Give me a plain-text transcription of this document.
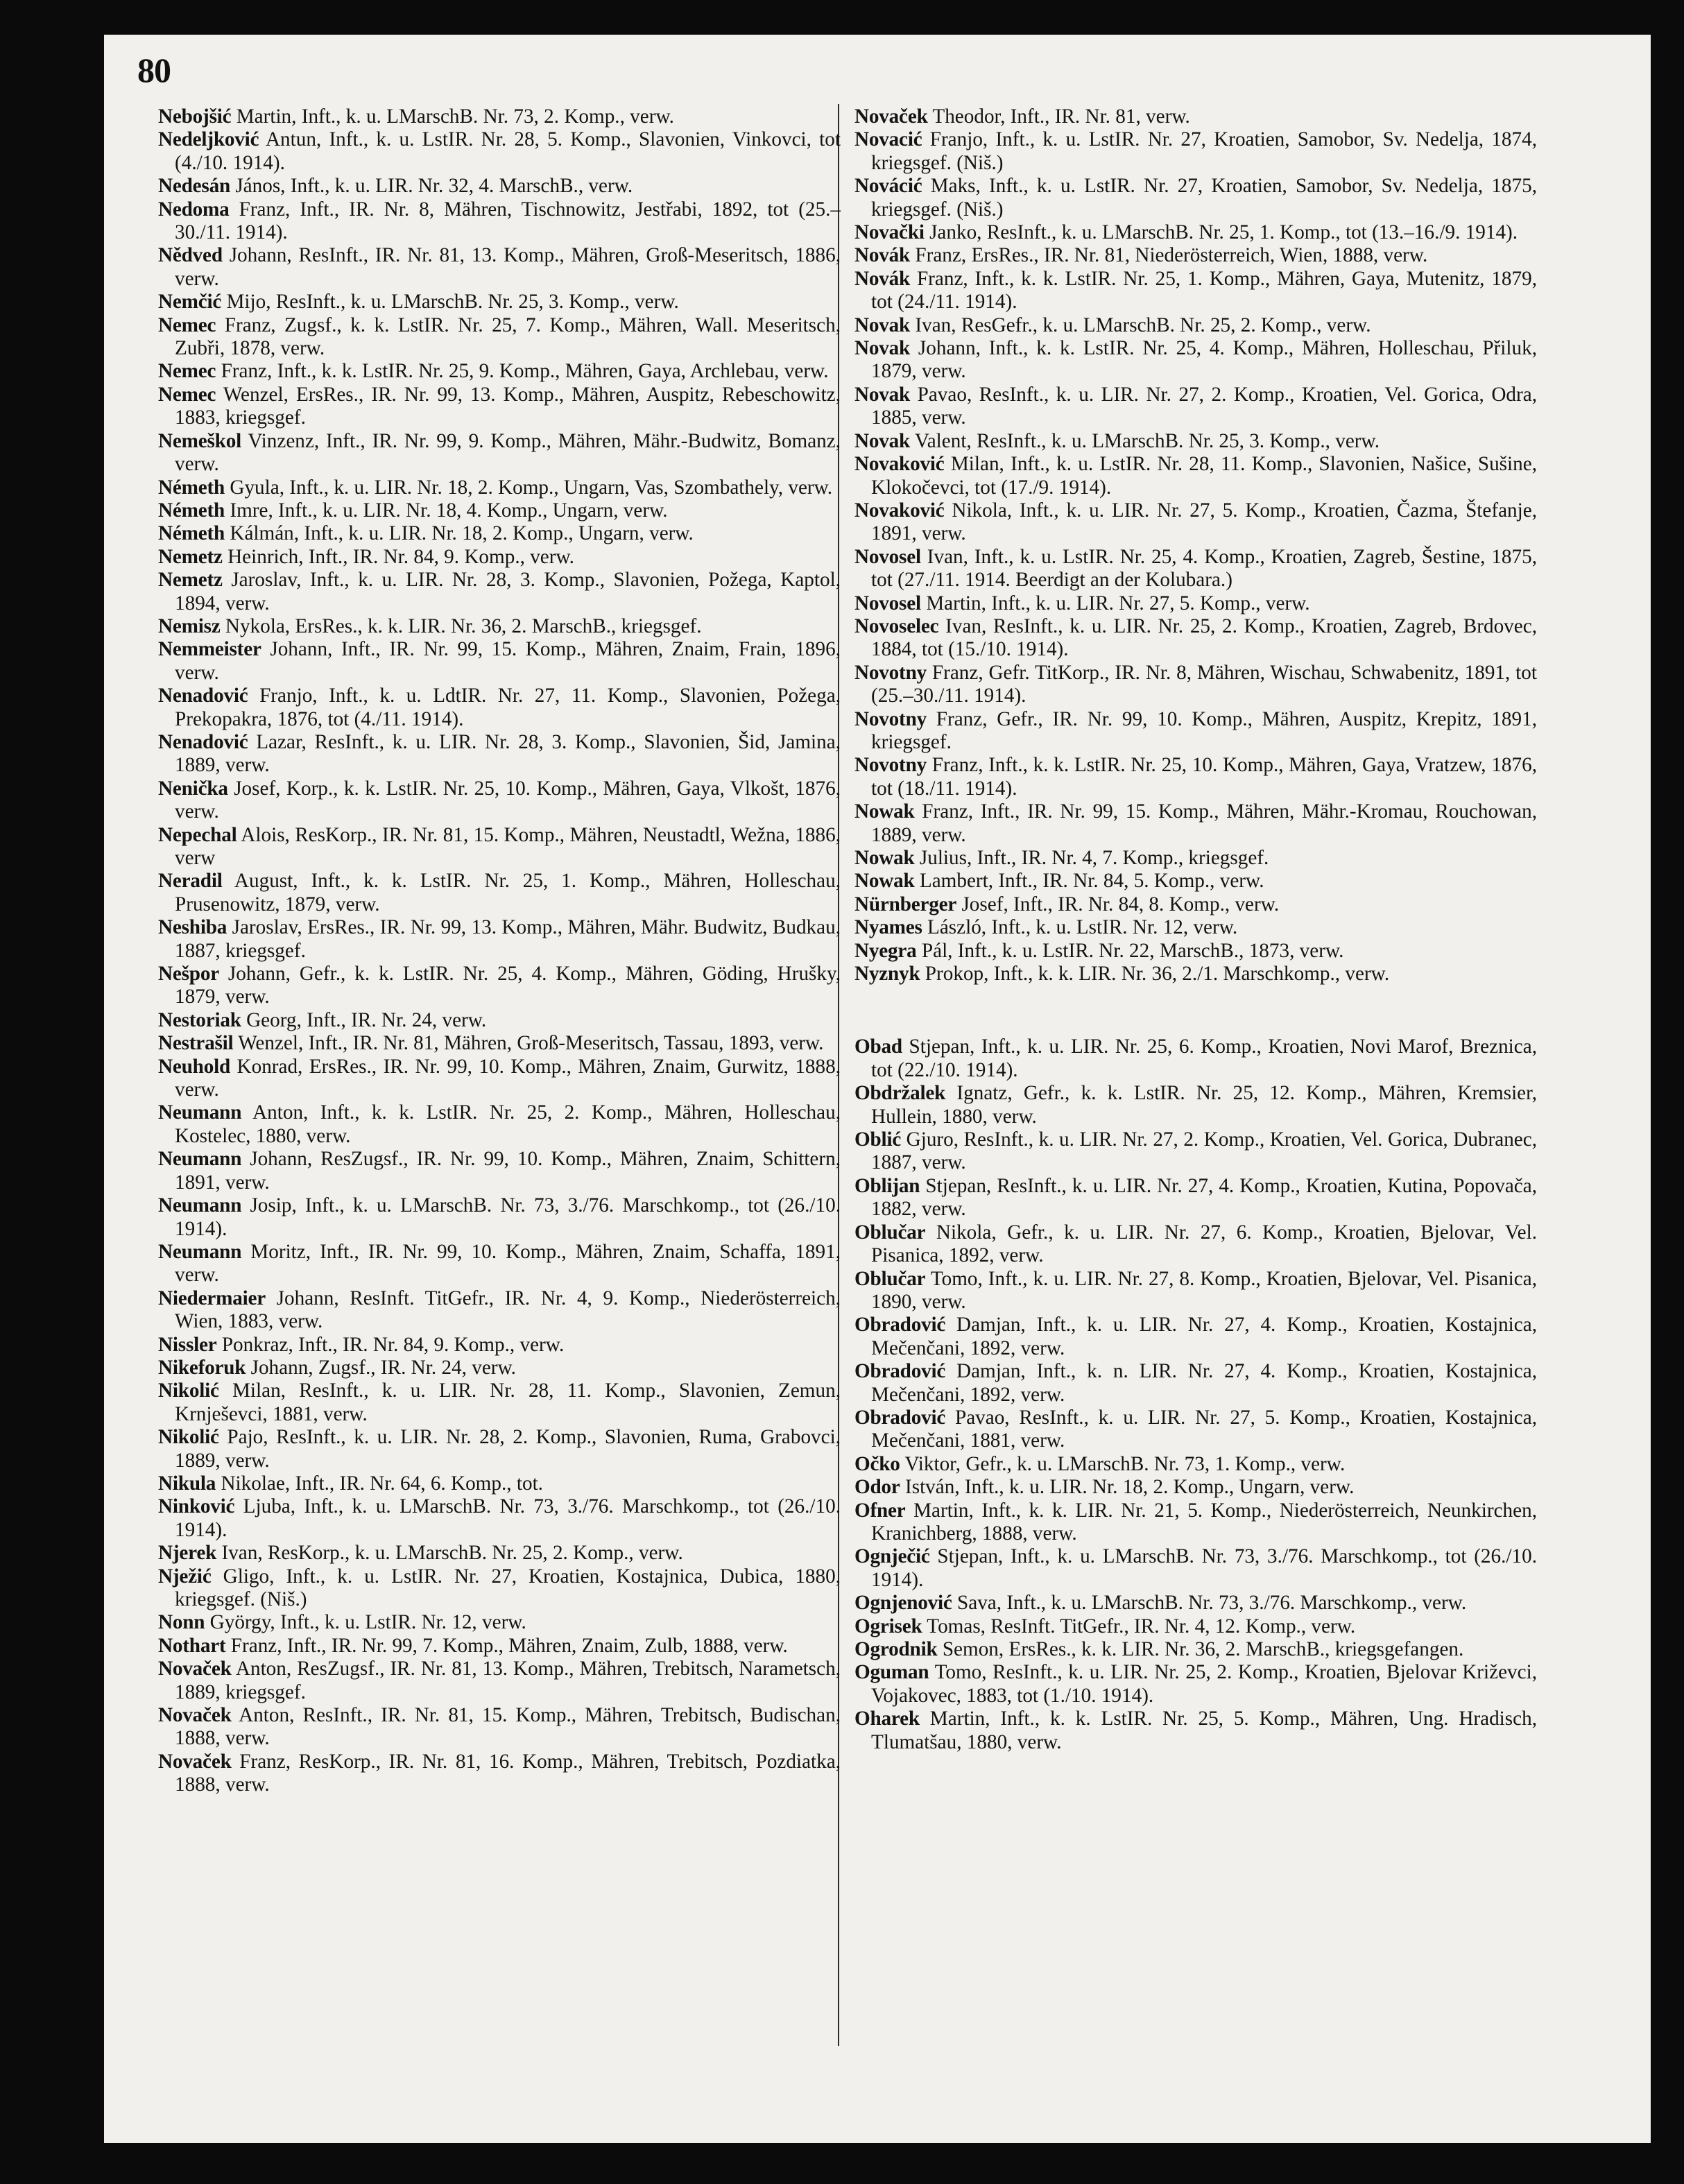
80
Nebojšić Martin, Inft., k. u. LMarschB. Nr. 73, 2. Komp., verw.
Nedeljković Antun, Inft., k. u. LstIR. Nr. 28, 5. Komp., Slavonien, Vinkovci, tot (4./10. 1914).
Nedesán János, Inft., k. u. LIR. Nr. 32, 4. MarschB., verw.
Nedoma Franz, Inft., IR. Nr. 8, Mähren, Tischnowitz, Jestřabi, 1892, tot (25.–30./11. 1914).
Nědved Johann, ResInft., IR. Nr. 81, 13. Komp., Mähren, Groß-Meseritsch, 1886, verw.
Nemčić Mijo, ResInft., k. u. LMarschB. Nr. 25, 3. Komp., verw.
Nemec Franz, Zugsf., k. k. LstIR. Nr. 25, 7. Komp., Mähren, Wall. Meseritsch, Zubři, 1878, verw.
Nemec Franz, Inft., k. k. LstIR. Nr. 25, 9. Komp., Mähren, Gaya, Archlebau, verw.
Nemec Wenzel, ErsRes., IR. Nr. 99, 13. Komp., Mähren, Auspitz, Rebeschowitz, 1883, kriegsgef.
Nemeškol Vinzenz, Inft., IR. Nr. 99, 9. Komp., Mähren, Mähr.-Budwitz, Bomanz, verw.
Németh Gyula, Inft., k. u. LIR. Nr. 18, 2. Komp., Ungarn, Vas, Szombathely, verw.
Németh Imre, Inft., k. u. LIR. Nr. 18, 4. Komp., Ungarn, verw.
Németh Kálmán, Inft., k. u. LIR. Nr. 18, 2. Komp., Ungarn, verw.
Nemetz Heinrich, Inft., IR. Nr. 84, 9. Komp., verw.
Nemetz Jaroslav, Inft., k. u. LIR. Nr. 28, 3. Komp., Slavonien, Požega, Kaptol, 1894, verw.
Nemisz Nykola, ErsRes., k. k. LIR. Nr. 36, 2. MarschB., kriegsgef.
Nemmeister Johann, Inft., IR. Nr. 99, 15. Komp., Mähren, Znaim, Frain, 1896, verw.
Nenadović Franjo, Inft., k. u. LdtIR. Nr. 27, 11. Komp., Slavonien, Požega, Prekopakra, 1876, tot (4./11. 1914).
Nenadović Lazar, ResInft., k. u. LIR. Nr. 28, 3. Komp., Slavonien, Šid, Jamina, 1889, verw.
Nenička Josef, Korp., k. k. LstIR. Nr. 25, 10. Komp., Mähren, Gaya, Vlkošt, 1876, verw.
Nepechal Alois, ResKorp., IR. Nr. 81, 15. Komp., Mähren, Neustadtl, Wežna, 1886, verw
Neradil August, Inft., k. k. LstIR. Nr. 25, 1. Komp., Mähren, Holleschau, Prusenowitz, 1879, verw.
Neshiba Jaroslav, ErsRes., IR. Nr. 99, 13. Komp., Mähren, Mähr. Budwitz, Budkau, 1887, kriegsgef.
Nešpor Johann, Gefr., k. k. LstIR. Nr. 25, 4. Komp., Mähren, Göding, Hrušky, 1879, verw.
Nestoriak Georg, Inft., IR. Nr. 24, verw.
Nestrašil Wenzel, Inft., IR. Nr. 81, Mähren, Groß-Meseritsch, Tassau, 1893, verw.
Neuhold Konrad, ErsRes., IR. Nr. 99, 10. Komp., Mähren, Znaim, Gurwitz, 1888, verw.
Neumann Anton, Inft., k. k. LstIR. Nr. 25, 2. Komp., Mähren, Holleschau, Kostelec, 1880, verw.
Neumann Johann, ResZugsf., IR. Nr. 99, 10. Komp., Mähren, Znaim, Schittern, 1891, verw.
Neumann Josip, Inft., k. u. LMarschB. Nr. 73, 3./76. Marschkomp., tot (26./10. 1914).
Neumann Moritz, Inft., IR. Nr. 99, 10. Komp., Mähren, Znaim, Schaffa, 1891, verw.
Niedermaier Johann, ResInft. TitGefr., IR. Nr. 4, 9. Komp., Niederösterreich, Wien, 1883, verw.
Nissler Ponkraz, Inft., IR. Nr. 84, 9. Komp., verw.
Nikeforuk Johann, Zugsf., IR. Nr. 24, verw.
Nikolić Milan, ResInft., k. u. LIR. Nr. 28, 11. Komp., Slavonien, Zemun, Krnješevci, 1881, verw.
Nikolić Pajo, ResInft., k. u. LIR. Nr. 28, 2. Komp., Slavonien, Ruma, Grabovci, 1889, verw.
Nikula Nikolae, Inft., IR. Nr. 64, 6. Komp., tot.
Ninković Ljuba, Inft., k. u. LMarschB. Nr. 73, 3./76. Marschkomp., tot (26./10. 1914).
Njerek Ivan, ResKorp., k. u. LMarschB. Nr. 25, 2. Komp., verw.
Nježić Gligo, Inft., k. u. LstIR. Nr. 27, Kroatien, Kostajnica, Dubica, 1880, kriegsgef. (Niš.)
Nonn György, Inft., k. u. LstIR. Nr. 12, verw.
Nothart Franz, Inft., IR. Nr. 99, 7. Komp., Mähren, Znaim, Zulb, 1888, verw.
Novaček Anton, ResZugsf., IR. Nr. 81, 13. Komp., Mähren, Trebitsch, Narametsch, 1889, kriegsgef.
Novaček Anton, ResInft., IR. Nr. 81, 15. Komp., Mähren, Trebitsch, Budischan, 1888, verw.
Novaček Franz, ResKorp., IR. Nr. 81, 16. Komp., Mähren, Trebitsch, Pozdiatka, 1888, verw.
Novaček Theodor, Inft., IR. Nr. 81, verw.
Novacić Franjo, Inft., k. u. LstIR. Nr. 27, Kroatien, Samobor, Sv. Nedelja, 1874, kriegsgef. (Niš.)
Novácić Maks, Inft., k. u. LstIR. Nr. 27, Kroatien, Samobor, Sv. Nedelja, 1875, kriegsgef. (Niš.)
Novački Janko, ResInft., k. u. LMarschB. Nr. 25, 1. Komp., tot (13.–16./9. 1914).
Novák Franz, ErsRes., IR. Nr. 81, Niederösterreich, Wien, 1888, verw.
Novák Franz, Inft., k. k. LstIR. Nr. 25, 1. Komp., Mähren, Gaya, Mutenitz, 1879, tot (24./11. 1914).
Novak Ivan, ResGefr., k. u. LMarschB. Nr. 25, 2. Komp., verw.
Novak Johann, Inft., k. k. LstIR. Nr. 25, 4. Komp., Mähren, Holleschau, Přiluk, 1879, verw.
Novak Pavao, ResInft., k. u. LIR. Nr. 27, 2. Komp., Kroatien, Vel. Gorica, Odra, 1885, verw.
Novak Valent, ResInft., k. u. LMarschB. Nr. 25, 3. Komp., verw.
Novaković Milan, Inft., k. u. LstIR. Nr. 28, 11. Komp., Slavonien, Našice, Sušine, Klokočevci, tot (17./9. 1914).
Novaković Nikola, Inft., k. u. LIR. Nr. 27, 5. Komp., Kroatien, Čazma, Štefanje, 1891, verw.
Novosel Ivan, Inft., k. u. LstIR. Nr. 25, 4. Komp., Kroatien, Zagreb, Šestine, 1875, tot (27./11. 1914. Beerdigt an der Kolubara.)
Novosel Martin, Inft., k. u. LIR. Nr. 27, 5. Komp., verw.
Novoselec Ivan, ResInft., k. u. LIR. Nr. 25, 2. Komp., Kroatien, Zagreb, Brdovec, 1884, tot (15./10. 1914).
Novotny Franz, Gefr. TitKorp., IR. Nr. 8, Mähren, Wischau, Schwabenitz, 1891, tot (25.–30./11. 1914).
Novotny Franz, Gefr., IR. Nr. 99, 10. Komp., Mähren, Auspitz, Krepitz, 1891, kriegsgef.
Novotny Franz, Inft., k. k. LstIR. Nr. 25, 10. Komp., Mähren, Gaya, Vratzew, 1876, tot (18./11. 1914).
Nowak Franz, Inft., IR. Nr. 99, 15. Komp., Mähren, Mähr.-Kromau, Rouchowan, 1889, verw.
Nowak Julius, Inft., IR. Nr. 4, 7. Komp., kriegsgef.
Nowak Lambert, Inft., IR. Nr. 84, 5. Komp., verw.
Nürnberger Josef, Inft., IR. Nr. 84, 8. Komp., verw.
Nyames László, Inft., k. u. LstIR. Nr. 12, verw.
Nyegra Pál, Inft., k. u. LstIR. Nr. 22, MarschB., 1873, verw.
Nyznyk Prokop, Inft., k. k. LIR. Nr. 36, 2./1. Marschkomp., verw.
Obad Stjepan, Inft., k. u. LIR. Nr. 25, 6. Komp., Kroatien, Novi Marof, Breznica, tot (22./10. 1914).
Obdržalek Ignatz, Gefr., k. k. LstIR. Nr. 25, 12. Komp., Mähren, Kremsier, Hullein, 1880, verw.
Oblić Gjuro, ResInft., k. u. LIR. Nr. 27, 2. Komp., Kroatien, Vel. Gorica, Dubranec, 1887, verw.
Oblijan Stjepan, ResInft., k. u. LIR. Nr. 27, 4. Komp., Kroatien, Kutina, Popovača, 1882, verw.
Oblučar Nikola, Gefr., k. u. LIR. Nr. 27, 6. Komp., Kroatien, Bjelovar, Vel. Pisanica, 1892, verw.
Oblučar Tomo, Inft., k. u. LIR. Nr. 27, 8. Komp., Kroatien, Bjelovar, Vel. Pisanica, 1890, verw.
Obradović Damjan, Inft., k. u. LIR. Nr. 27, 4. Komp., Kroatien, Kostajnica, Mečenčani, 1892, verw.
Obradović Damjan, Inft., k. n. LIR. Nr. 27, 4. Komp., Kroatien, Kostajnica, Mečenčani, 1892, verw.
Obradović Pavao, ResInft., k. u. LIR. Nr. 27, 5. Komp., Kroatien, Kostajnica, Mečenčani, 1881, verw.
Očko Viktor, Gefr., k. u. LMarschB. Nr. 73, 1. Komp., verw.
Odor István, Inft., k. u. LIR. Nr. 18, 2. Komp., Ungarn, verw.
Ofner Martin, Inft., k. k. LIR. Nr. 21, 5. Komp., Niederösterreich, Neunkirchen, Kranichberg, 1888, verw.
Ognječić Stjepan, Inft., k. u. LMarschB. Nr. 73, 3./76. Marschkomp., tot (26./10. 1914).
Ognjenović Sava, Inft., k. u. LMarschB. Nr. 73, 3./76. Marschkomp., verw.
Ogrisek Tomas, ResInft. TitGefr., IR. Nr. 4, 12. Komp., verw.
Ogrodnik Semon, ErsRes., k. k. LIR. Nr. 36, 2. MarschB., kriegsgefangen.
Oguman Tomo, ResInft., k. u. LIR. Nr. 25, 2. Komp., Kroatien, Bjelovar Križevci, Vojakovec, 1883, tot (1./10. 1914).
Oharek Martin, Inft., k. k. LstIR. Nr. 25, 5. Komp., Mähren, Ung. Hradisch, Tlumatšau, 1880, verw.
